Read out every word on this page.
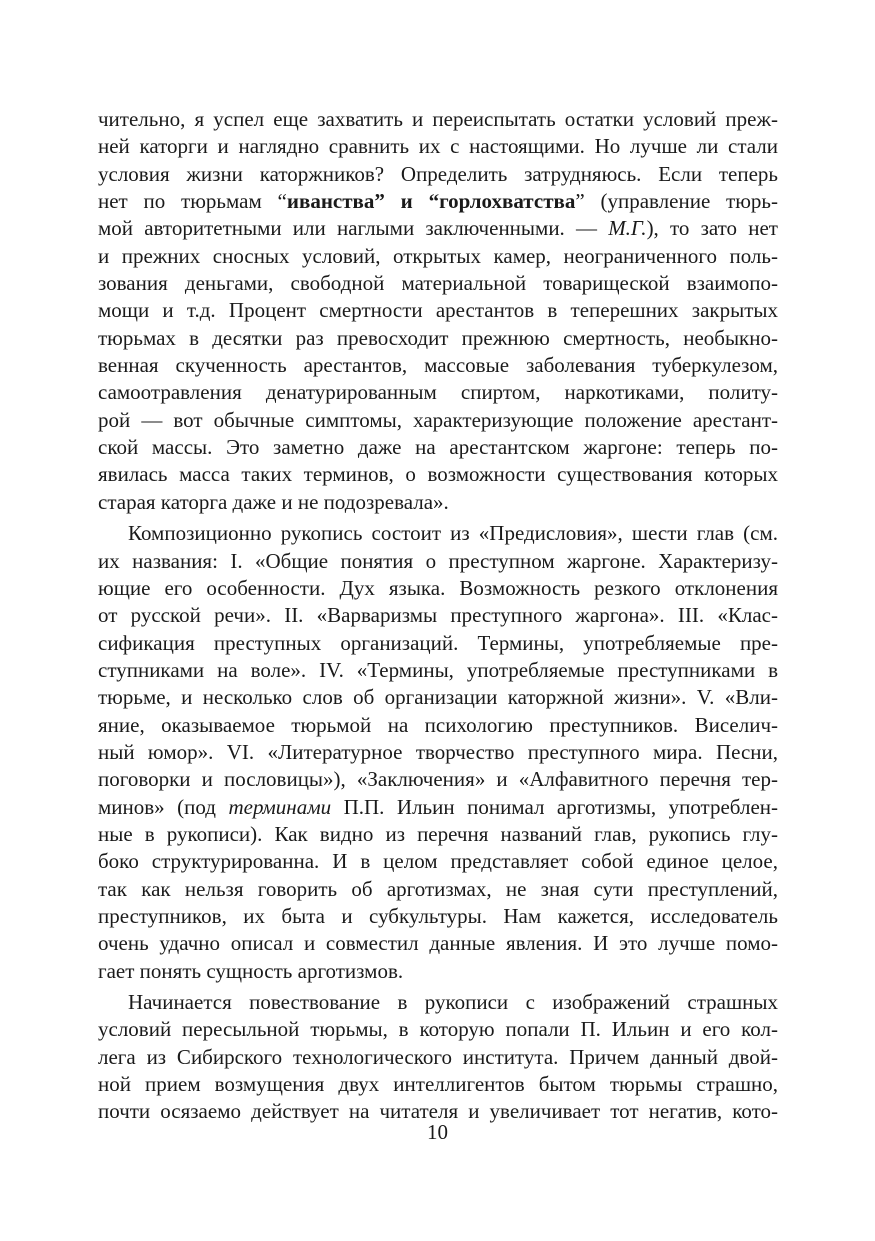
чительно, я успел еще захватить и переиспытать остатки условий преж-
ней каторги и наглядно сравнить их с настоящими. Но лучше ли стали
условия жизни каторжников? Определить затрудняюсь. Если теперь
нет по тюрьмам “иванства” и “горлохватства” (управление тюрь-
мой авторитетными или наглыми заключенными. — М.Г.), то зато нет
и прежних сносных условий, открытых камер, неограниченного поль-
зования деньгами, свободной материальной товарищеской взаимопо-
мощи и т.д. Процент смертности арестантов в теперешних закрытых
тюрьмах в десятки раз превосходит прежнюю смертность, необыкно-
венная скученность арестантов, массовые заболевания туберкулезом,
самоотравления денатурированным спиртом, наркотиками, политу-
рой — вот обычные симптомы, характеризующие положение арестант-
ской массы. Это заметно даже на арестантском жаргоне: теперь по-
явилась масса таких терминов, о возможности существования которых
старая каторга даже и не подозревала».
Композиционно рукопись состоит из «Предисловия», шести глав (см.
их названия: I. «Общие понятия о преступном жаргоне. Характеризу-
ющие его особенности. Дух языка. Возможность резкого отклонения
от русской речи». II. «Варваризмы преступного жаргона». III. «Клас-
сификация преступных организаций. Термины, употребляемые пре-
ступниками на воле». IV. «Термины, употребляемые преступниками в
тюрьме, и несколько слов об организации каторжной жизни». V. «Вли-
яние, оказываемое тюрьмой на психологию преступников. Виселич-
ный юмор». VI. «Литературное творчество преступного мира. Песни,
поговорки и пословицы»), «Заключения» и «Алфавитного перечня тер-
минов» (под терминами П.П. Ильин понимал арготизмы, употреблен-
ные в рукописи). Как видно из перечня названий глав, рукопись глу-
боко структурированна. И в целом представляет собой единое целое,
так как нельзя говорить об арготизмах, не зная сути преступлений,
преступников, их быта и субкультуры. Нам кажется, исследователь
очень удачно описал и совместил данные явления. И это лучше помо-
гает понять сущность арготизмов.
Начинается повествование в рукописи с изображений страшных
условий пересыльной тюрьмы, в которую попали П. Ильин и его кол-
лега из Сибирского технологического института. Причем данный двой-
ной прием возмущения двух интеллигентов бытом тюрьмы страшно,
почти осязаемо действует на читателя и увеличивает тот негатив, кото-
10
